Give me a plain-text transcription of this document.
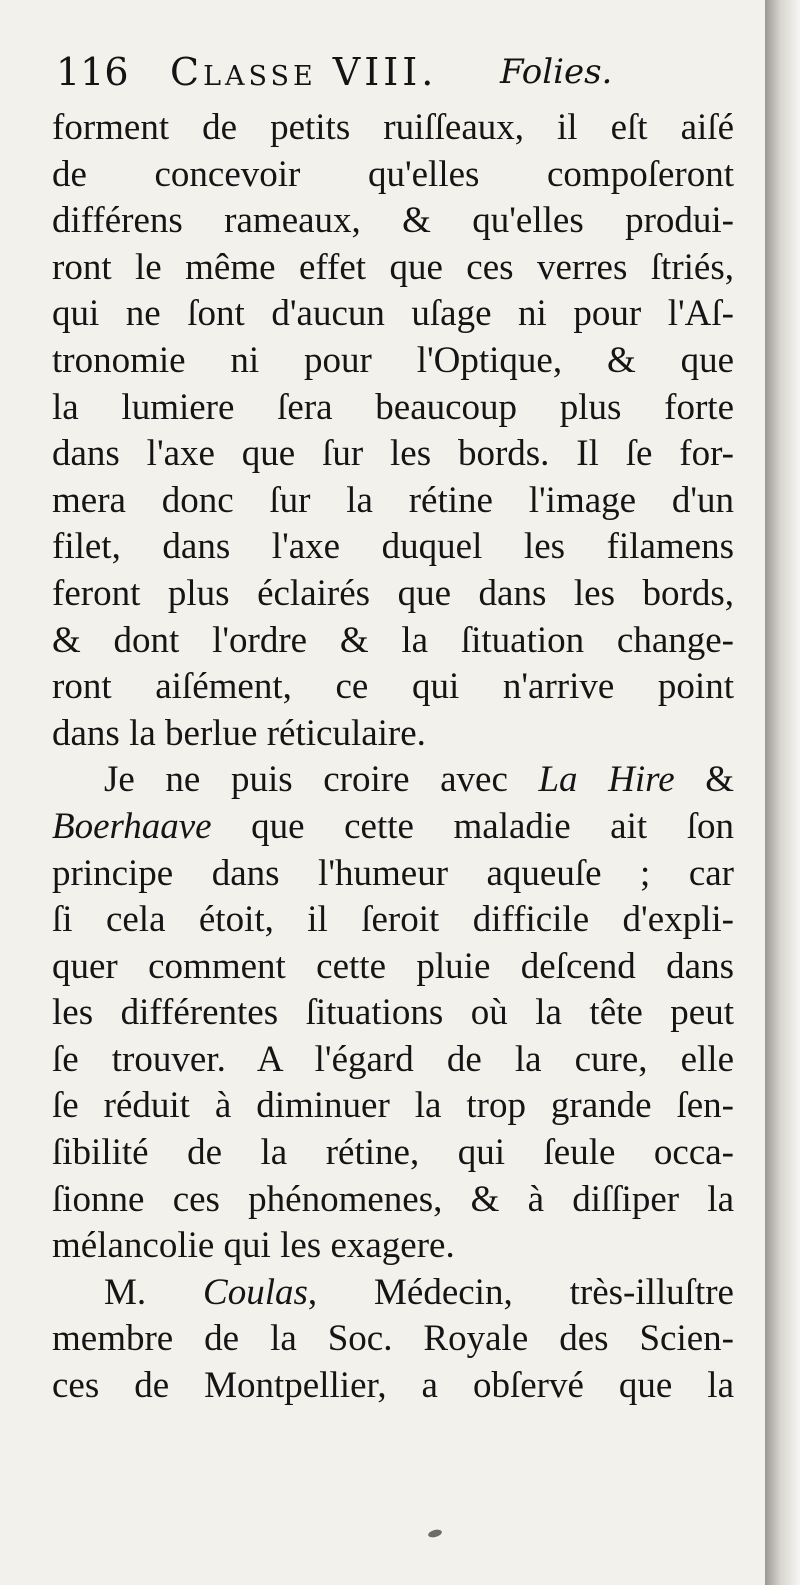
116 Classe VIII. Folies.
forment de petits ruiſſeaux, il eſt aiſé
de concevoir qu'elles compoſeront
différens rameaux, & qu'elles produi-
ront le même effet que ces verres ſtriés,
qui ne ſont d'aucun uſage ni pour l'Aſ-
tronomie ni pour l'Optique, & que
la lumiere ſera beaucoup plus forte
dans l'axe que ſur les bords. Il ſe for-
mera donc ſur la rétine l'image d'un
filet, dans l'axe duquel les filamens
feront plus éclairés que dans les bords,
& dont l'ordre & la ſituation change-
ront aiſément, ce qui n'arrive point
dans la berlue réticulaire.
Je ne puis croire avec La Hire &
Boerhaave que cette maladie ait ſon
principe dans l'humeur aqueuſe ; car
ſi cela étoit, il ſeroit difficile d'expli-
quer comment cette pluie deſcend dans
les différentes ſituations où la tête peut
ſe trouver. A l'égard de la cure, elle
ſe réduit à diminuer la trop grande ſen-
ſibilité de la rétine, qui ſeule occa-
ſionne ces phénomenes, & à diſſiper la
mélancolie qui les exagere.
M. Coulas, Médecin, très-illuſtre
membre de la Soc. Royale des Scien-
ces de Montpellier, a obſervé que la
